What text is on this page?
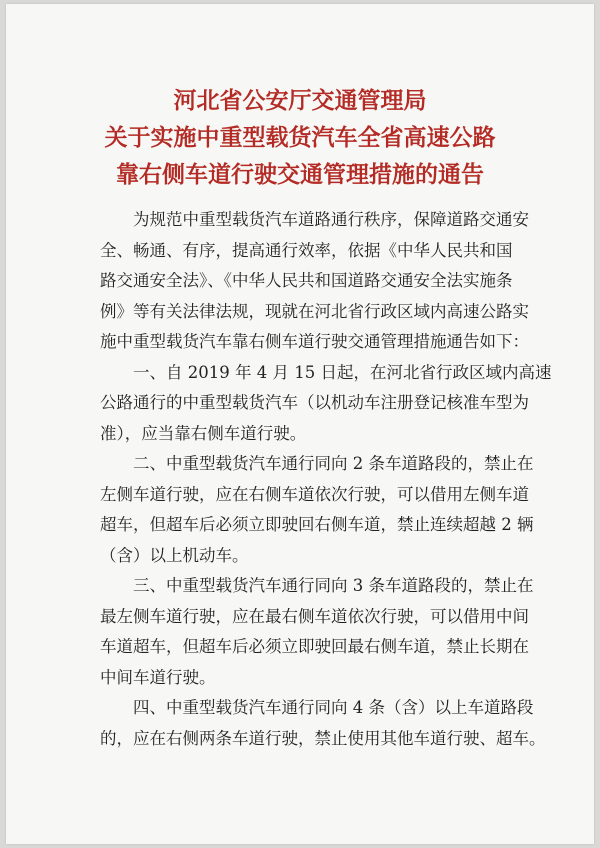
河北省公安厅交通管理局
关于实施中重型载货汽车全省高速公路
靠右侧车道行驶交通管理措施的通告

为规范中重型载货汽车道路通行秩序，保障道路交通安

全、畅通、有序，提高通行效率，依据《中华人民共和国
路交通安全法》、《中华人民共和国道路交通安全法实施条
例》等有关法律法规，现就在河北省行政区域内高速公路实
施中重型载货汽车靠右侧车道行驶交通管理措施通告如下：

一、自 2019 年 4 月 15 日起，在河北省行政区域内高速

公路通行的中重型载货汽车（以机动车注册登记核准车型为
准），应当靠右侧车道行驶。

二、中重型载货汽车通行同向 2 条车道路段的，禁止在

左侧车道行驶，应在右侧车道依次行驶，可以借用左侧车道
超车，但超车后必须立即驶回右侧车道，禁止连续超越 2 辆
（含）以上机动车。

三、中重型载货汽车通行同向 3 条车道路段的，禁止在

最左侧车道行驶，应在最右侧车道依次行驶，可以借用中间
车道超车，但超车后必须立即驶回最右侧车道，禁止长期在
中间车道行驶。

四、中重型载货汽车通行同向 4 条（含）以上车道路段

的，应在右侧两条车道行驶，禁止使用其他车道行驶、超车。
